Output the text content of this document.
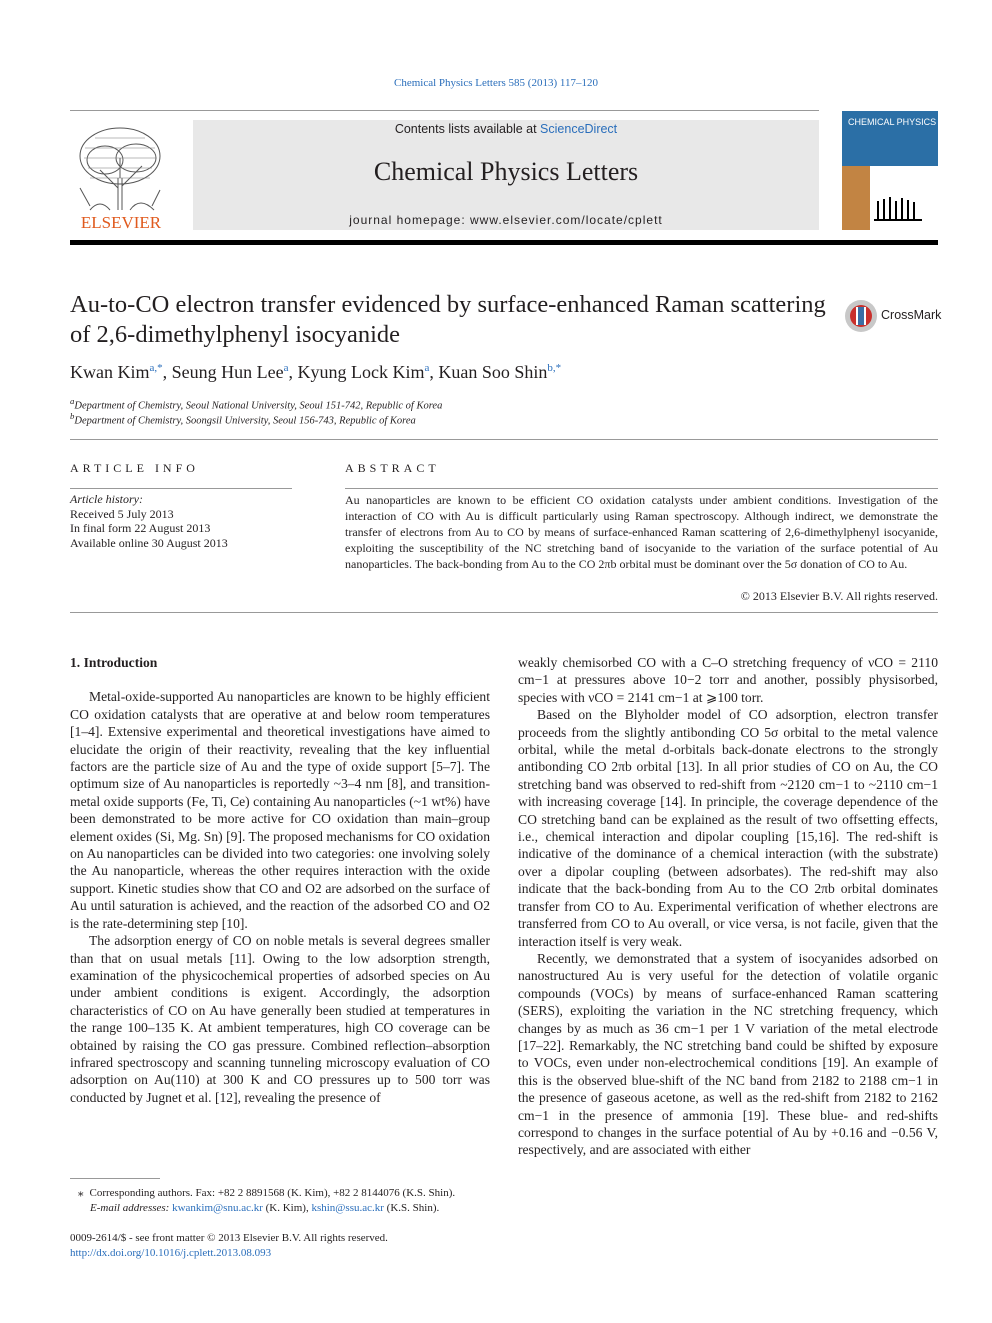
Chemical Physics Letters 585 (2013) 117–120
ELSEVIER
Contents lists available at ScienceDirect
Chemical Physics Letters
journal homepage: www.elsevier.com/locate/cplett
CHEMICAL PHYSICS LETTERS
Au-to-CO electron transfer evidenced by surface-enhanced Raman scattering of 2,6-dimethylphenyl isocyanide
CrossMark
Kwan Kim$^{a,*}$, Seung Hun Lee$^a$, Kyung Lock Kim$^a$, Kuan Soo Shin$^{b,*}$
$^a$Department of Chemistry, Seoul National University, Seoul 151-742, Republic of Korea
$^b$Department of Chemistry, Soongsil University, Seoul 156-743, Republic of Korea
ARTICLE INFO
Article history:
Received 5 July 2013
In final form 22 August 2013
Available online 30 August 2013
ABSTRACT
Au nanoparticles are known to be efficient CO oxidation catalysts under ambient conditions. Investigation of the interaction of CO with Au is difficult particularly using Raman spectroscopy. Although indirect, we demonstrate the transfer of electrons from Au to CO by means of surface-enhanced Raman scattering of 2,6-dimethylphenyl isocyanide, exploiting the susceptibility of the NC stretching band of isocyanide to the variation of the surface potential of Au nanoparticles. The back-bonding from Au to the CO 2πb orbital must be dominant over the 5σ donation of CO to Au.
© 2013 Elsevier B.V. All rights reserved.
1. Introduction

Metal-oxide-supported Au nanoparticles are known to be highly efficient CO oxidation catalysts that are operative at and below room temperatures [1–4]. Extensive experimental and theoretical investigations have aimed to elucidate the origin of their reactivity, revealing that the key influential factors are the particle size of Au and the type of oxide support [5–7]. The optimum size of Au nanoparticles is reportedly ~3–4 nm [8], and transition-metal oxide supports (Fe, Ti, Ce) containing Au nanoparticles (~1 wt%) have been demonstrated to be more active for CO oxidation than main–group element oxides (Si, Mg. Sn) [9]. The proposed mechanisms for CO oxidation on Au nanoparticles can be divided into two categories: one involving solely the Au nanoparticle, whereas the other requires interaction with the oxide support. Kinetic studies show that CO and O2 are adsorbed on the surface of Au until saturation is achieved, and the reaction of the adsorbed CO and O2 is the rate-determining step [10].

The adsorption energy of CO on noble metals is several degrees smaller than that on usual metals [11]. Owing to the low adsorption strength, examination of the physicochemical properties of adsorbed species on Au under ambient conditions is exigent. Accordingly, the adsorption characteristics of CO on Au have generally been studied at temperatures in the range 100–135 K. At ambient temperatures, high CO coverage can be obtained by raising the CO gas pressure. Combined reflection–absorption infrared spectroscopy and scanning tunneling microscopy evaluation of CO adsorption on Au(110) at 300 K and CO pressures up to 500 torr was conducted by Jugnet et al. [12], revealing the presence of

weakly chemisorbed CO with a C–O stretching frequency of νCO = 2110 cm−1 at pressures above 10−2 torr and another, possibly physisorbed, species with νCO = 2141 cm−1 at ⩾100 torr.

Based on the Blyholder model of CO adsorption, electron transfer proceeds from the slightly antibonding CO 5σ orbital to the metal valence orbital, while the metal d-orbitals back-donate electrons to the strongly antibonding CO 2πb orbital [13]. In all prior studies of CO on Au, the CO stretching band was observed to red-shift from ~2120 cm−1 to ~2110 cm−1 with increasing coverage [14]. In principle, the coverage dependence of the CO stretching band can be explained as the result of two offsetting effects, i.e., chemical interaction and dipolar coupling [15,16]. The red-shift is indicative of the dominance of a chemical interaction (with the substrate) over a dipolar coupling (between adsorbates). The red-shift may also indicate that the back-bonding from Au to the CO 2πb orbital dominates transfer from CO to Au. Experimental verification of whether electrons are transferred from CO to Au overall, or vice versa, is not facile, given that the interaction itself is very weak.

Recently, we demonstrated that a system of isocyanides adsorbed on nanostructured Au is very useful for the detection of volatile organic compounds (VOCs) by means of surface-enhanced Raman scattering (SERS), exploiting the variation in the NC stretching frequency, which changes by as much as 36 cm−1 per 1 V variation of the metal electrode [17–22]. Remarkably, the NC stretching band could be shifted by exposure to VOCs, even under non-electrochemical conditions [19]. An example of this is the observed blue-shift of the NC band from 2182 to 2188 cm−1 in the presence of gaseous acetone, as well as the red-shift from 2182 to 2162 cm−1 in the presence of ammonia [19]. These blue- and red-shifts correspond to changes in the surface potential of Au by +0.16 and −0.56 V, respectively, and are associated with either

⁎ Corresponding authors. Fax: +82 2 8891568 (K. Kim), +82 2 8144076 (K.S. Shin).
E-mail addresses: kwankim@snu.ac.kr (K. Kim), kshin@ssu.ac.kr (K.S. Shin).
0009-2614/$ - see front matter © 2013 Elsevier B.V. All rights reserved.
http://dx.doi.org/10.1016/j.cplett.2013.08.093
